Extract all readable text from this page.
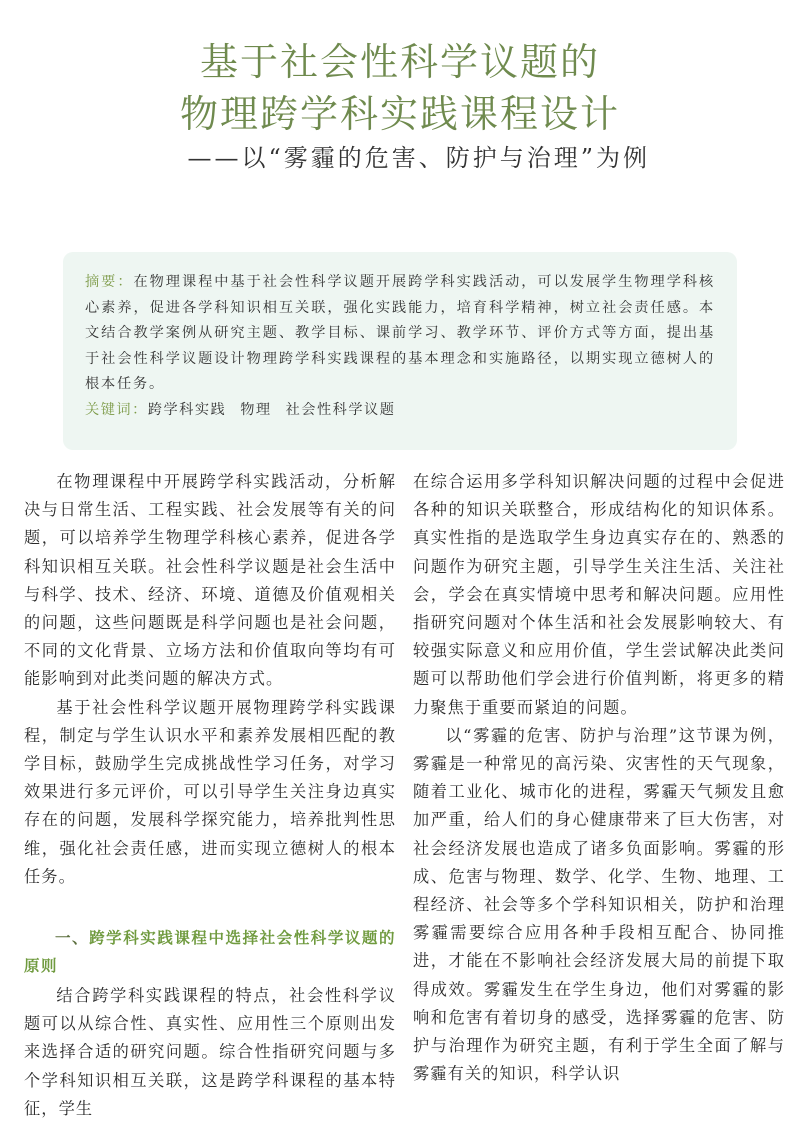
基于社会性科学议题的
物理跨学科实践课程设计
——以“雾霾的危害、防护与治理”为例
摘要：在物理课程中基于社会性科学议题开展跨学科实践活动，可以发展学生物理学科核心素养，促进各学科知识相互关联，强化实践能力，培育科学精神，树立社会责任感。本文结合教学案例从研究主题、教学目标、课前学习、教学环节、评价方式等方面，提出基于社会性科学议题设计物理跨学科实践课程的基本理念和实施路径，以期实现立德树人的根本任务。
关键词：跨学科实践 物理 社会性科学议题

在物理课程中开展跨学科实践活动，分析解决与日常生活、工程实践、社会发展等有关的问题，可以培养学生物理学科核心素养，促进各学科知识相互关联。社会性科学议题是社会生活中与科学、技术、经济、环境、道德及价值观相关的问题，这些问题既是科学问题也是社会问题，不同的文化背景、立场方法和价值取向等均有可能影响到对此类问题的解决方式。

基于社会性科学议题开展物理跨学科实践课程，制定与学生认识水平和素养发展相匹配的教学目标，鼓励学生完成挑战性学习任务，对学习效果进行多元评价，可以引导学生关注身边真实存在的问题，发展科学探究能力，培养批判性思维，强化社会责任感，进而实现立德树人的根本任务。

一、跨学科实践课程中选择社会性科学议题的原则

结合跨学科实践课程的特点，社会性科学议题可以从综合性、真实性、应用性三个原则出发来选择合适的研究问题。综合性指研究问题与多个学科知识相互关联，这是跨学科课程的基本特征，学生

在综合运用多学科知识解决问题的过程中会促进各种的知识关联整合，形成结构化的知识体系。真实性指的是选取学生身边真实存在的、熟悉的问题作为研究主题，引导学生关注生活、关注社会，学会在真实情境中思考和解决问题。应用性指研究问题对个体生活和社会发展影响较大、有较强实际意义和应用价值，学生尝试解决此类问题可以帮助他们学会进行价值判断，将更多的精力聚焦于重要而紧迫的问题。

以“雾霾的危害、防护与治理”这节课为例，雾霾是一种常见的高污染、灾害性的天气现象，随着工业化、城市化的进程，雾霾天气频发且愈加严重，给人们的身心健康带来了巨大伤害，对社会经济发展也造成了诸多负面影响。雾霾的形成、危害与物理、数学、化学、生物、地理、工程经济、社会等多个学科知识相关，防护和治理雾霾需要综合应用各种手段相互配合、协同推进，才能在不影响社会经济发展大局的前提下取得成效。雾霾发生在学生身边，他们对雾霾的影响和危害有着切身的感受，选择雾霾的危害、防护与治理作为研究主题，有利于学生全面了解与雾霾有关的知识，科学认识
